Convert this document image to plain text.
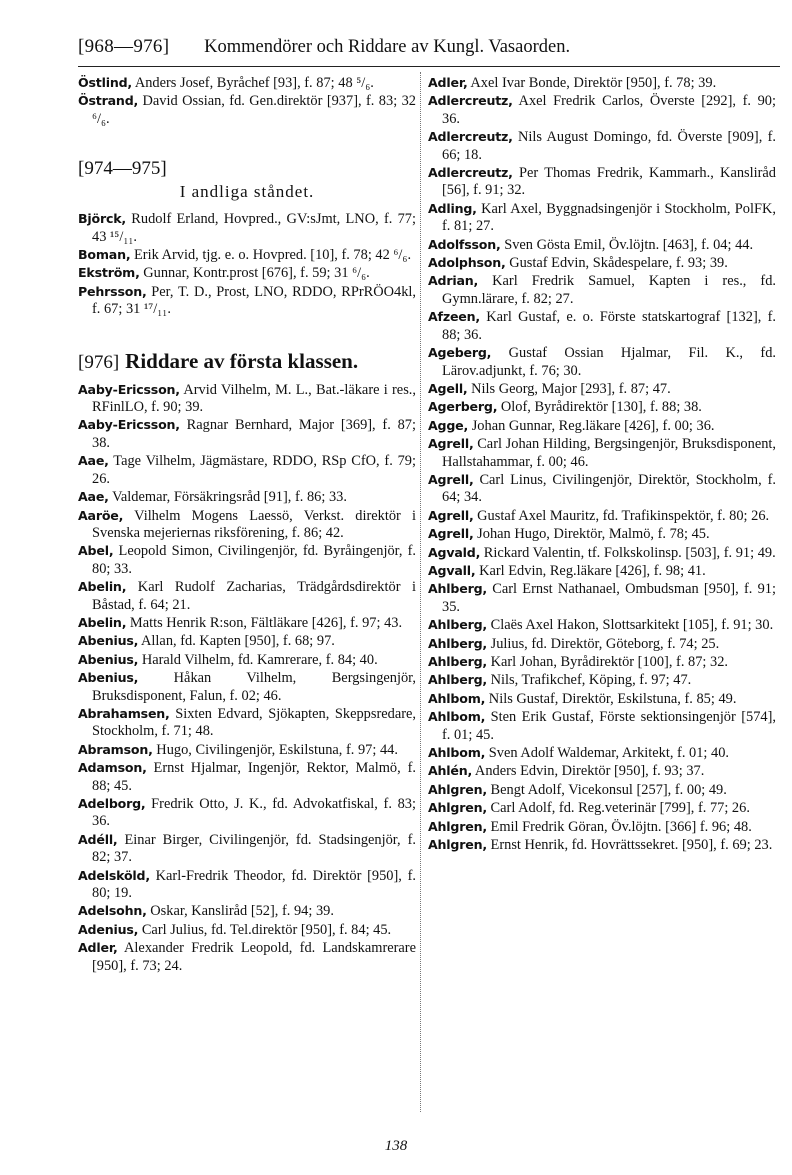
[968—976] Kommendörer och Riddare av Kungl. Vasaorden.

Östlind, Anders Josef, Byråchef [93], f. 87; 48 ⁵/₆.

Östrand, David Ossian, fd. Gen.direktör [937], f. 83; 32 ⁶/₆.

[974—975]
I andliga ståndet.

Björck, Rudolf Erland, Hovpred., GV:sJmt, LNO, f. 77; 43 ¹⁵/₁₁.

Boman, Erik Arvid, tjg. e. o. Hovpred. [10], f. 78; 42 ⁶/₆.

Ekström, Gunnar, Kontr.prost [676], f. 59; 31 ⁶/₆.

Pehrsson, Per, T. D., Prost, LNO, RDDO, RPrRÖO4kl, f. 67; 31 ¹⁷/₁₁.

[976] Riddare av första klassen.

Aaby-Ericsson, Arvid Vilhelm, M. L., Bat.-läkare i res., RFinlLO, f. 90; 39.

Aaby-Ericsson, Ragnar Bernhard, Major [369], f. 87; 38.

Aae, Tage Vilhelm, Jägmästare, RDDO, RSp CfO, f. 79; 26.

Aae, Valdemar, Försäkringsråd [91], f. 86; 33.

Aaröe, Vilhelm Mogens Laessö, Verkst. direktör i Svenska mejeriernas riksförening, f. 86; 42.

Abel, Leopold Simon, Civilingenjör, fd. Byråingenjör, f. 80; 33.

Abelin, Karl Rudolf Zacharias, Trädgårdsdirektör i Båstad, f. 64; 21.

Abelin, Matts Henrik R:son, Fältläkare [426], f. 97; 43.

Abenius, Allan, fd. Kapten [950], f. 68; 97.

Abenius, Harald Vilhelm, fd. Kamrerare, f. 84; 40.

Abenius, Håkan Vilhelm, Bergsingenjör, Bruksdisponent, Falun, f. 02; 46.

Abrahamsen, Sixten Edvard, Sjökapten, Skeppsredare, Stockholm, f. 71; 48.

Abramson, Hugo, Civilingenjör, Eskilstuna, f. 97; 44.

Adamson, Ernst Hjalmar, Ingenjör, Rektor, Malmö, f. 88; 45.

Adelborg, Fredrik Otto, J. K., fd. Advokatfiskal, f. 83; 36.

Adéll, Einar Birger, Civilingenjör, fd. Stadsingenjör, f. 82; 37.

Adelsköld, Karl-Fredrik Theodor, fd. Direktör [950], f. 80; 19.

Adelsohn, Oskar, Kansliråd [52], f. 94; 39.

Adenius, Carl Julius, fd. Tel.direktör [950], f. 84; 45.

Adler, Alexander Fredrik Leopold, fd. Landskamrerare [950], f. 73; 24.

Adler, Axel Ivar Bonde, Direktör [950], f. 78; 39.

Adlercreutz, Axel Fredrik Carlos, Överste [292], f. 90; 36.

Adlercreutz, Nils August Domingo, fd. Överste [909], f. 66; 18.

Adlercreutz, Per Thomas Fredrik, Kammarh., Kansliråd [56], f. 91; 32.

Adling, Karl Axel, Byggnadsingenjör i Stockholm, PolFK, f. 81; 27.

Adolfsson, Sven Gösta Emil, Öv.löjtn. [463], f. 04; 44.

Adolphson, Gustaf Edvin, Skådespelare, f. 93; 39.

Adrian, Karl Fredrik Samuel, Kapten i res., fd. Gymn.lärare, f. 82; 27.

Afzeen, Karl Gustaf, e. o. Förste statskartograf [132], f. 88; 36.

Ageberg, Gustaf Ossian Hjalmar, Fil. K., fd. Lärov.adjunkt, f. 76; 30.

Agell, Nils Georg, Major [293], f. 87; 47.

Agerberg, Olof, Byrådirektör [130], f. 88; 38.

Agge, Johan Gunnar, Reg.läkare [426], f. 00; 36.

Agrell, Carl Johan Hilding, Bergsingenjör, Bruksdisponent, Hallstahammar, f. 00; 46.

Agrell, Carl Linus, Civilingenjör, Direktör, Stockholm, f. 64; 34.

Agrell, Gustaf Axel Mauritz, fd. Trafikinspektör, f. 80; 26.

Agrell, Johan Hugo, Direktör, Malmö, f. 78; 45.

Agvald, Rickard Valentin, tf. Folkskolinsp. [503], f. 91; 49.

Agvall, Karl Edvin, Reg.läkare [426], f. 98; 41.

Ahlberg, Carl Ernst Nathanael, Ombudsman [950], f. 91; 35.

Ahlberg, Claës Axel Hakon, Slottsarkitekt [105], f. 91; 30.

Ahlberg, Julius, fd. Direktör, Göteborg, f. 74; 25.

Ahlberg, Karl Johan, Byrådirektör [100], f. 87; 32.

Ahlberg, Nils, Trafikchef, Köping, f. 97; 47.

Ahlbom, Nils Gustaf, Direktör, Eskilstuna, f. 85; 49.

Ahlbom, Sten Erik Gustaf, Förste sektionsingenjör [574], f. 01; 45.

Ahlbom, Sven Adolf Waldemar, Arkitekt, f. 01; 40.

Ahlén, Anders Edvin, Direktör [950], f. 93; 37.

Ahlgren, Bengt Adolf, Vicekonsul [257], f. 00; 49.

Ahlgren, Carl Adolf, fd. Reg.veterinär [799], f. 77; 26.

Ahlgren, Emil Fredrik Göran, Öv.löjtn. [366] f. 96; 48.

Ahlgren, Ernst Henrik, fd. Hovrättssekret. [950], f. 69; 23.

138
